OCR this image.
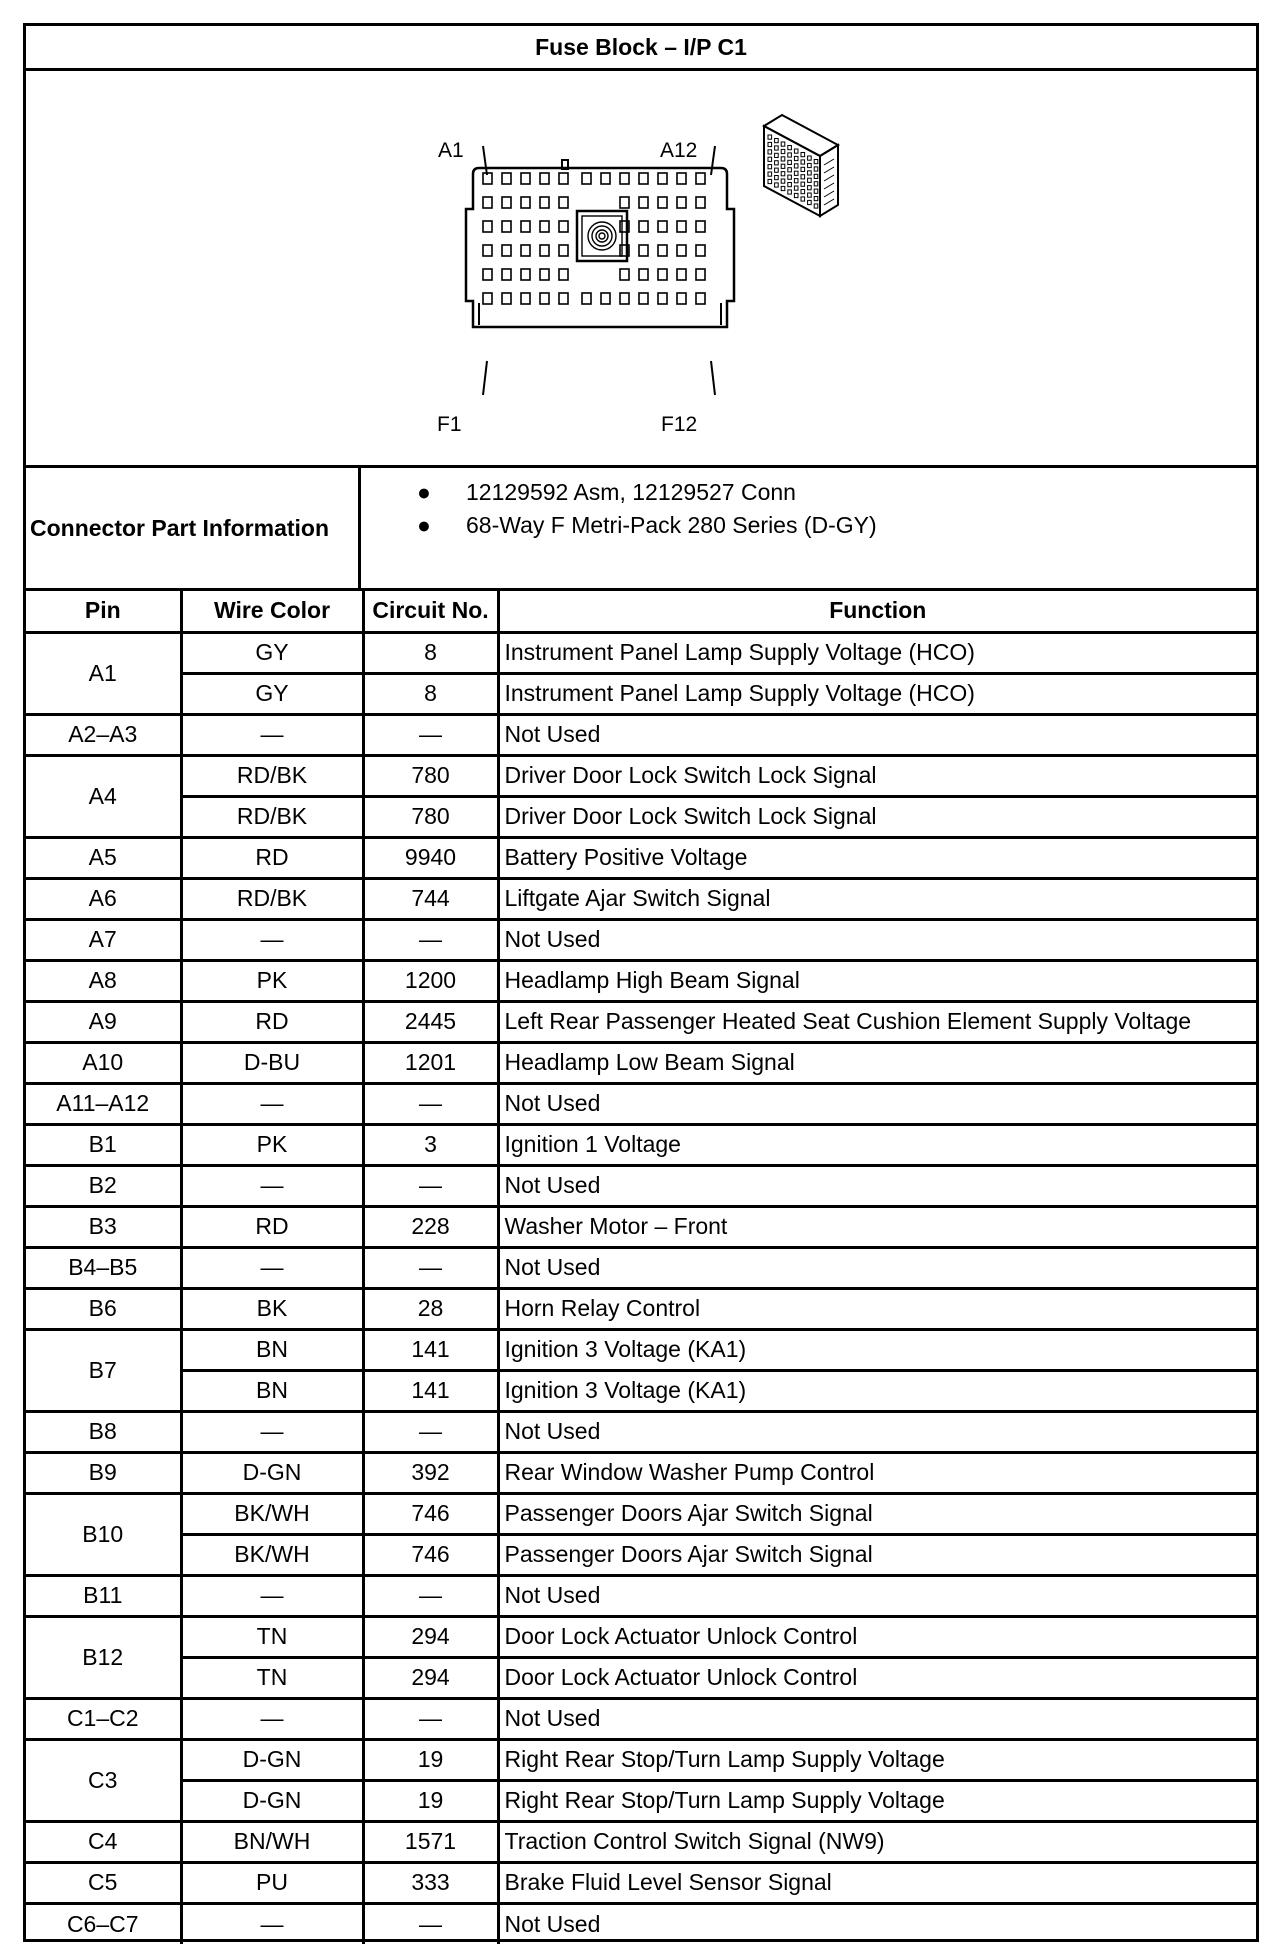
Fuse Block – I/P C1
A1	A12
F1	F12
Connector Part Information
● 12129592 Asm, 12129527 Conn
● 68-Way F Metri-Pack 280 Series (D-GY)
Pin	Wire Color	Circuit No.	Function
A1	GY	8	Instrument Panel Lamp Supply Voltage (HCO)
	GY	8	Instrument Panel Lamp Supply Voltage (HCO)
A2–A3	—	—	Not Used
A4	RD/BK	780	Driver Door Lock Switch Lock Signal
	RD/BK	780	Driver Door Lock Switch Lock Signal
A5	RD	9940	Battery Positive Voltage
A6	RD/BK	744	Liftgate Ajar Switch Signal
A7	—	—	Not Used
A8	PK	1200	Headlamp High Beam Signal
A9	RD	2445	Left Rear Passenger Heated Seat Cushion Element Supply Voltage
A10	D-BU	1201	Headlamp Low Beam Signal
A11–A12	—	—	Not Used
B1	PK	3	Ignition 1 Voltage
B2	—	—	Not Used
B3	RD	228	Washer Motor – Front
B4–B5	—	—	Not Used
B6	BK	28	Horn Relay Control
B7	BN	141	Ignition 3 Voltage (KA1)
	BN	141	Ignition 3 Voltage (KA1)
B8	—	—	Not Used
B9	D-GN	392	Rear Window Washer Pump Control
B10	BK/WH	746	Passenger Doors Ajar Switch Signal
	BK/WH	746	Passenger Doors Ajar Switch Signal
B11	—	—	Not Used
B12	TN	294	Door Lock Actuator Unlock Control
	TN	294	Door Lock Actuator Unlock Control
C1–C2	—	—	Not Used
C3	D-GN	19	Right Rear Stop/Turn Lamp Supply Voltage
	D-GN	19	Right Rear Stop/Turn Lamp Supply Voltage
C4	BN/WH	1571	Traction Control Switch Signal (NW9)
C5	PU	333	Brake Fluid Level Sensor Signal
C6–C7	—	—	Not Used
